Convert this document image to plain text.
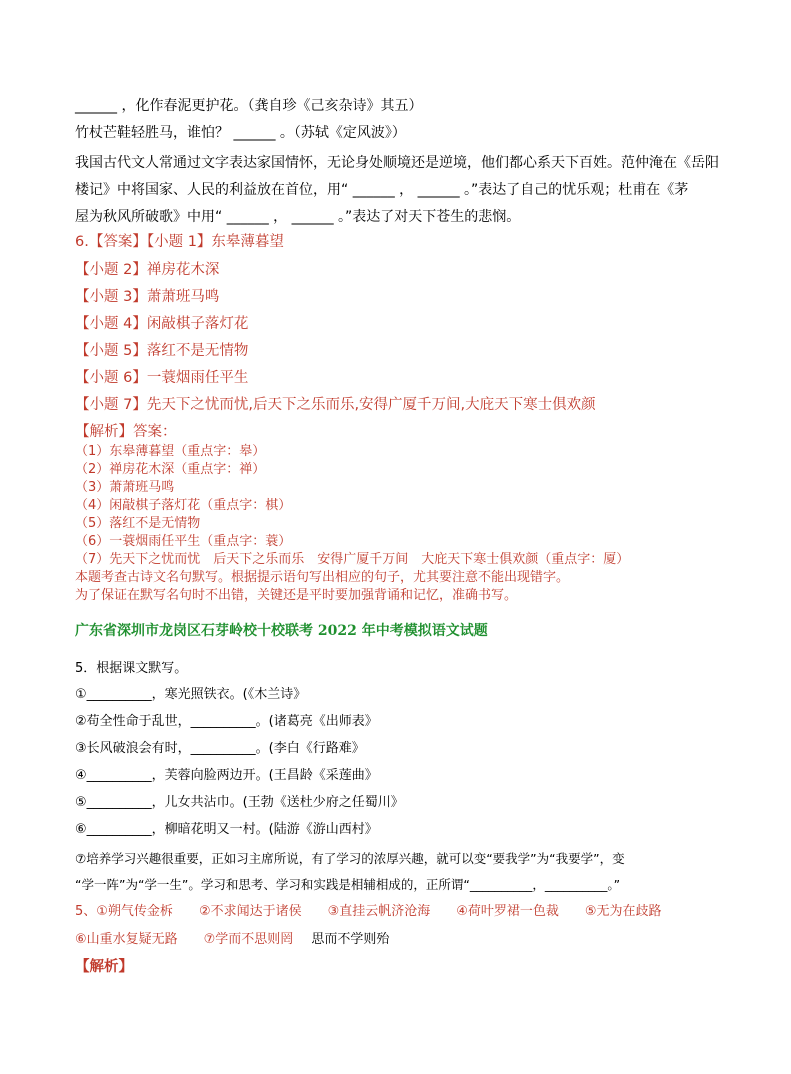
______ ，化作春泥更护花。（龚自珍《己亥杂诗》其五）
竹杖芒鞋轻胜马，谁怕？ ______ 。（苏轼《定风波》）
我国古代文人常通过文字表达家国情怀，无论身处顺境还是逆境，他们都心系天下百姓。范仲淹在《岳阳
楼记》中将国家、人民的利益放在首位，用“ ______ ， ______ 。”表达了自己的忧乐观；杜甫在《茅
屋为秋风所破歌》中用“ ______ ， ______ 。”表达了对天下苍生的悲悯。
6.【答案】【小题 1】东皋薄暮望
【小题 2】禅房花木深
【小题 3】萧萧班马鸣
【小题 4】闲敲棋子落灯花
【小题 5】落红不是无情物
【小题 6】一蓑烟雨任平生
【小题 7】先天下之忧而忧,后天下之乐而乐,安得广厦千万间,大庇天下寒士俱欢颜
【解析】答案：
（1）东皋薄暮望（重点字：皋）
（2）禅房花木深（重点字：禅）
（3）萧萧班马鸣
（4）闲敲棋子落灯花（重点字：棋）
（5）落红不是无情物
（6）一蓑烟雨任平生（重点字：蓑）
（7）先天下之忧而忧　后天下之乐而乐　安得广厦千万间　大庇天下寒士俱欢颜（重点字：厦）
本题考查古诗文名句默写。根据提示语句写出相应的句子，尤其要注意不能出现错字。
为了保证在默写名句时不出错，关键还是平时要加强背诵和记忆，准确书写。
广东省深圳市龙岗区石芽岭校十校联考 2022 年中考模拟语文试题
5．根据课文默写。
①__________，寒光照铁衣。(《木兰诗》
②苟全性命于乱世，__________。(诸葛亮《出师表》
③长风破浪会有时，__________。(李白《行路难》
④__________，芙蓉向脸两边开。(王昌龄《采莲曲》
⑤__________，儿女共沾巾。(王勃《送杜少府之任蜀川》
⑥__________，柳暗花明又一村。(陆游《游山西村》
⑦培养学习兴趣很重要，正如习主席所说，有了学习的浓厚兴趣，就可以变“要我学”为“我要学”，变
“学一阵”为“学一生”。学习和思考、学习和实践是相辅相成的，正所谓“__________，__________。”
5、①朔气传金柝 ②不求闻达于诸侯 ③直挂云帆济沧海 ④荷叶罗裙一色裁 ⑤无为在歧路
⑥山重水复疑无路 ⑦学而不思则罔 思而不学则殆
【解析】
